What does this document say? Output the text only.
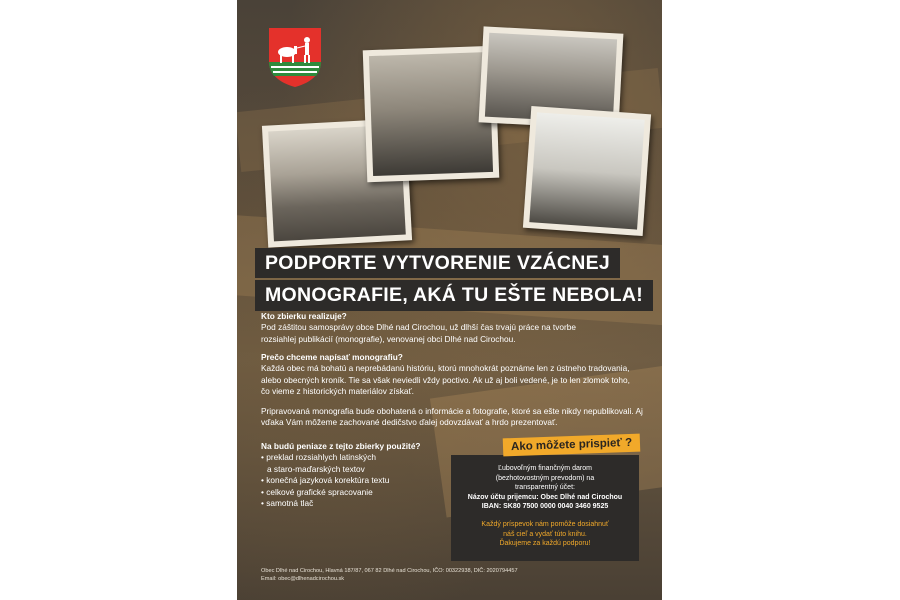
PODPORTE VYTVORENIE VZÁCNEJ
MONOGRAFIE, AKÁ TU EŠTE NEBOLA!
Kto zbierku realizuje?
Pod záštitou samosprávy obce Dlhé nad Cirochou, už dlhší čas trvajú práce na tvorbe rozsiahlej publikácií (monografie), venovanej obci Dlhé nad Cirochou.
Prečo chceme napísať monografiu?
Každá obec má bohatú a neprebádanú históriu, ktorú mnohokrát poznáme len z ústneho tradovania, alebo obecných kroník. Tie sa však neviedli vždy poctivo. Ak už aj boli vedené, je to len zlomok toho, čo vieme z historických materiálov získať.
Pripravovaná monografia bude obohatená o informácie a fotografie, ktoré sa ešte nikdy nepublikovali. Aj vďaka Vám môžeme zachované dedičstvo ďalej odovzdávať a hrdo prezentovať.
Na budú peniaze z tejto zbierky použité?
• preklad rozsiahlych latinských
a staro-maďarských textov
• konečná jazyková korektúra textu
• celkové grafické spracovanie
• samotná tlač
Ľubovoľným finančným darom
(bezhotovostným prevodom) na
transparentný účet:
Názov účtu prijemcu: Obec Dlhé nad Cirochou
IBAN: SK80 7500 0000 0040 3460 9525
Každý príspevok nám pomôže dosiahnuť
náš cieľ a vydať túto knihu.
Ďakujeme za každú podporu!
Ako môžete prispieť ?
Obec Dlhé nad Cirochou, Hlavná 187/87, 067 82 Dlhé nad Cirochou, IČO: 00322938, DIČ: 2020794457
Email: obec@dlhenadcirochou.sk
